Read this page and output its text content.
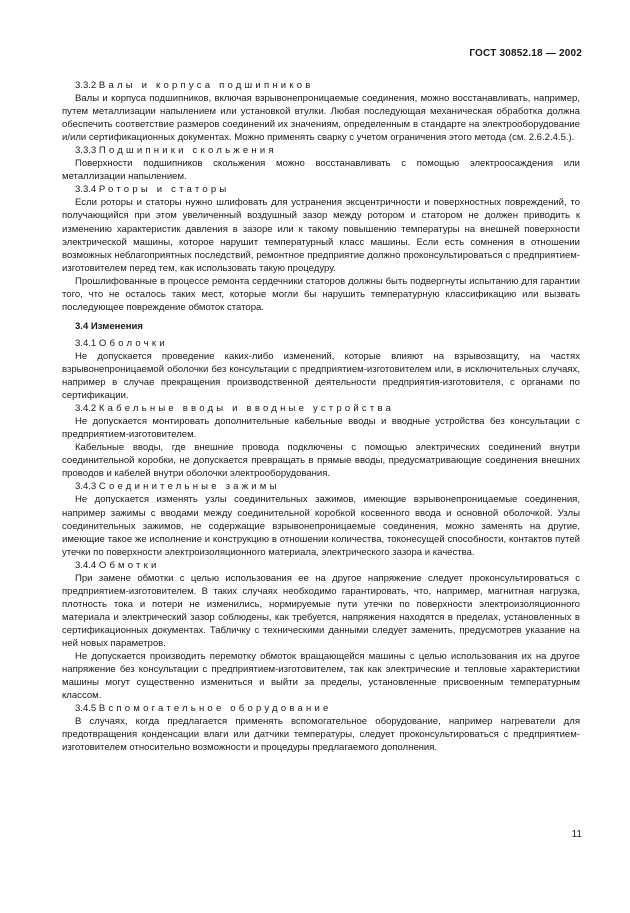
ГОСТ 30852.18 — 2002
3.3.2 Валы и корпуса подшипников

Валы и корпуса подшипников, включая взрывонепроницаемые соединения, можно восстанавливать, например, путем металлизации напылением или установкой втулки. Любая последующая механическая обработка должна обеспечить соответствие размеров соединений их значениям, определенным в стандарте на электрооборудование и/или сертификационных документах. Можно применять сварку с учетом ограничения этого метода (см. 2.6.2.4.5.).

3.3.3 Подшипники скольжения

Поверхности подшипников скольжения можно восстанавливать с помощью электроосаждения или металлизации напылением.

3.3.4 Роторы и статоры

Если роторы и статоры нужно шлифовать для устранения эксцентричности и поверхностных повреждений, то получающийся при этом увеличенный воздушный зазор между ротором и статором не должен приводить к изменению характеристик давления в зазоре или к такому повышению температуры на внешней поверхности электрической машины, которое нарушит температурный класс машины. Если есть сомнения в отношении возможных неблагоприятных последствий, ремонтное предприятие должно проконсультироваться с предприятием-изготовителем перед тем, как использовать такую процедуру.

Прошлифованные в процессе ремонта сердечники статоров должны быть подвергнуты испытанию для гарантии того, что не осталось таких мест, которые могли бы нарушить температурную классификацию или вызвать последующее повреждение обмоток статора.

3.4 Изменения
3.4.1 Оболочки

Не допускается проведение каких-либо изменений, которые влияют на взрывозащиту, на частях взрывонепроницаемой оболочки без консультации с предприятием-изготовителем или, в исключительных случаях, например в случае прекращения производственной деятельности предприятия-изготовителя, с органами по сертификации.

3.4.2 Кабельные вводы и вводные устройства

Не допускается монтировать дополнительные кабельные вводы и вводные устройства без консультации с предприятием-изготовителем.

Кабельные вводы, где внешние провода подключены с помощью электрических соединений внутри соединительной коробки, не допускается превращать в прямые вводы, предусматривающие соединения внешних проводов и кабелей внутри оболочки электрооборудования.

3.4.3 Соединительные зажимы

Не допускается изменять узлы соединительных зажимов, имеющие взрывонепроницаемые соединения, например зажимы с вводами между соединительной коробкой косвенного ввода и основной оболочкой. Узлы соединительных зажимов, не содержащие взрывонепроницаемые соединения, можно заменять на другие, имеющие такое же исполнение и конструкцию в отношении количества, токонесущей способности, контактов путей утечки по поверхности электроизоляционного материала, электрического зазора и качества.

3.4.4 Обмотки

При замене обмотки с целью использования ее на другое напряжение следует проконсультироваться с предприятием-изготовителем. В таких случаях необходимо гарантировать, что, например, магнитная нагрузка, плотность тока и потери не изменились, нормируемые пути утечки по поверхности электроизоляционного материала и электрический зазор соблюдены, как требуется, напряжения находятся в пределах, установленных в сертификационных документах. Табличку с техническими данными следует заменить, предусмотрев указание на ней новых параметров.

Не допускается производить перемотку обмоток вращающейся машины с целью использования их на другое напряжение без консультации с предприятием-изготовителем, так как электрические и тепловые характеристики машины могут существенно измениться и выйти за пределы, установленные присвоенным температурным классом.

3.4.5 Вспомогательное оборудование

В случаях, когда предлагается применять вспомогательное оборудование, например нагреватели для предотвращения конденсации влаги или датчики температуры, следует проконсультироваться с предприятием-изготовителем относительно возможности и процедуры предлагаемого дополнения.

11
